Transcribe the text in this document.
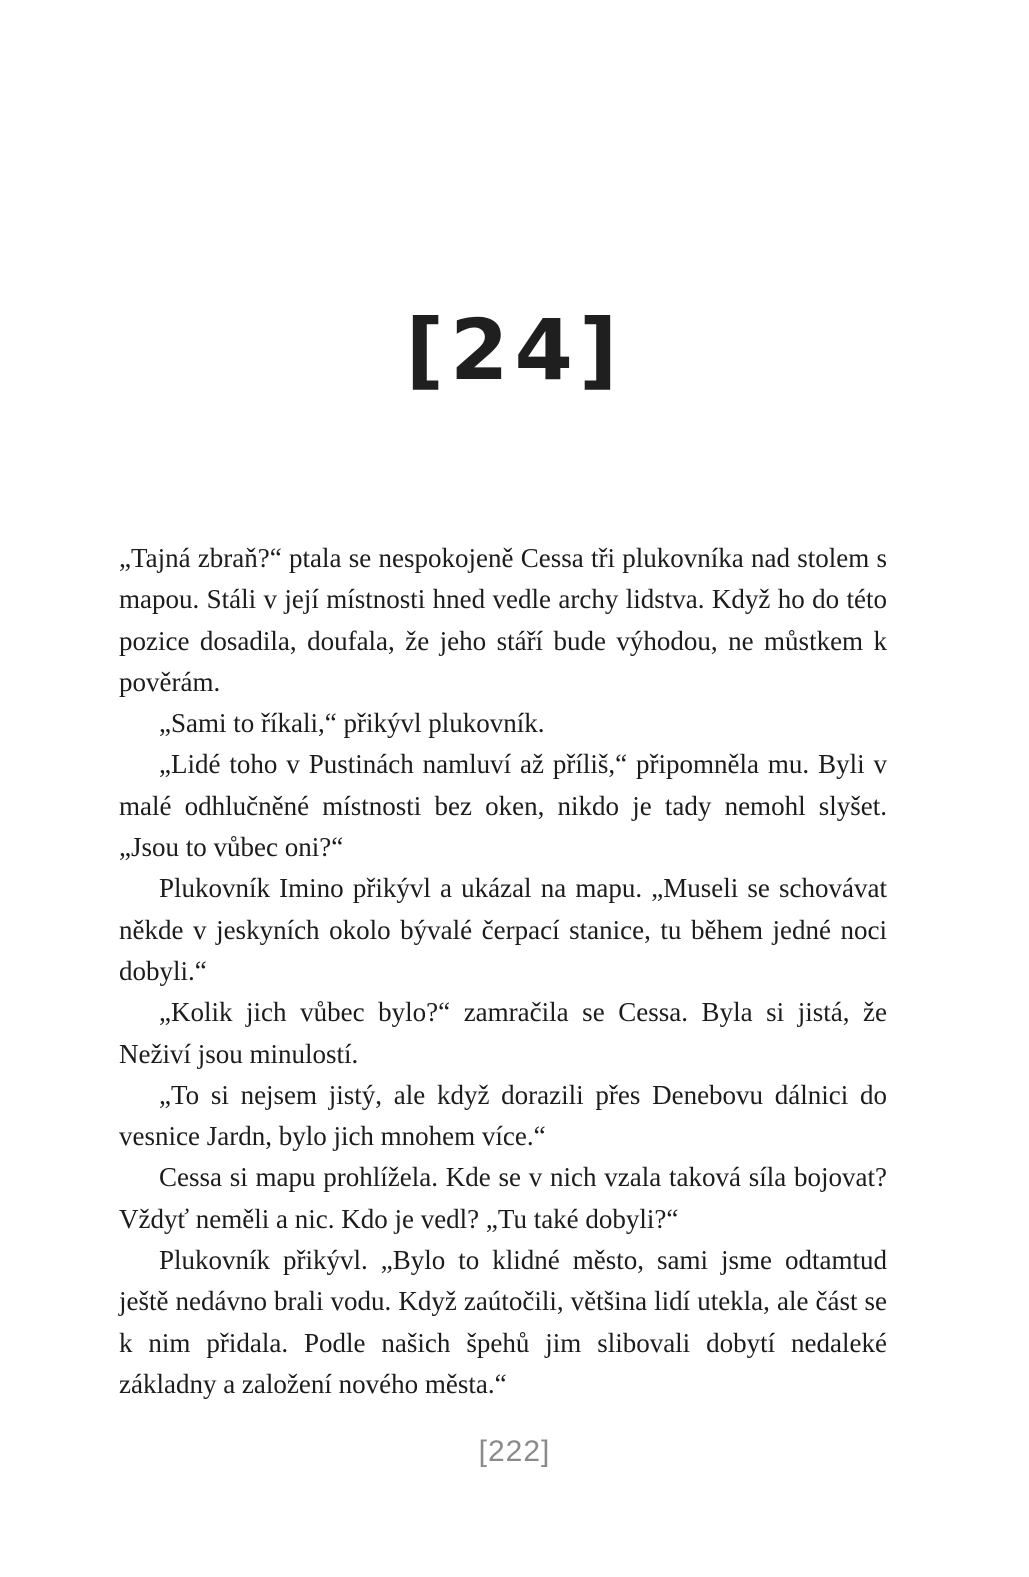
[24]

„Tajná zbraň?“ ptala se nespokojeně Cessa tři plukovníka nad stolem s mapou. Stáli v její místnosti hned vedle archy lidstva. Když ho do této pozice dosadila, doufala, že jeho stáří bude výhodou, ne můstkem k pověrám.

„Sami to říkali,“ přikývl plukovník.

„Lidé toho v Pustinách namluví až příliš,“ připomněla mu. Byli v malé odhlučněné místnosti bez oken, nikdo je tady nemohl slyšet. „Jsou to vůbec oni?“

Plukovník Imino přikývl a ukázal na mapu. „Museli se schovávat někde v jeskyních okolo bývalé čerpací stanice, tu během jedné noci dobyli.“

„Kolik jich vůbec bylo?“ zamračila se Cessa. Byla si jistá, že Neživí jsou minulostí.

„To si nejsem jistý, ale když dorazili přes Denebovu dálnici do vesnice Jardn, bylo jich mnohem více.“

Cessa si mapu prohlížela. Kde se v nich vzala taková síla bojovat? Vždyť neměli a nic. Kdo je vedl? „Tu také dobyli?“

Plukovník přikývl. „Bylo to klidné město, sami jsme odtamtud ještě nedávno brali vodu. Když zaútočili, většina lidí utekla, ale část se k nim přidala. Podle našich špehů jim slibovali dobytí nedaleké základny a založení nového města.“

[222]
